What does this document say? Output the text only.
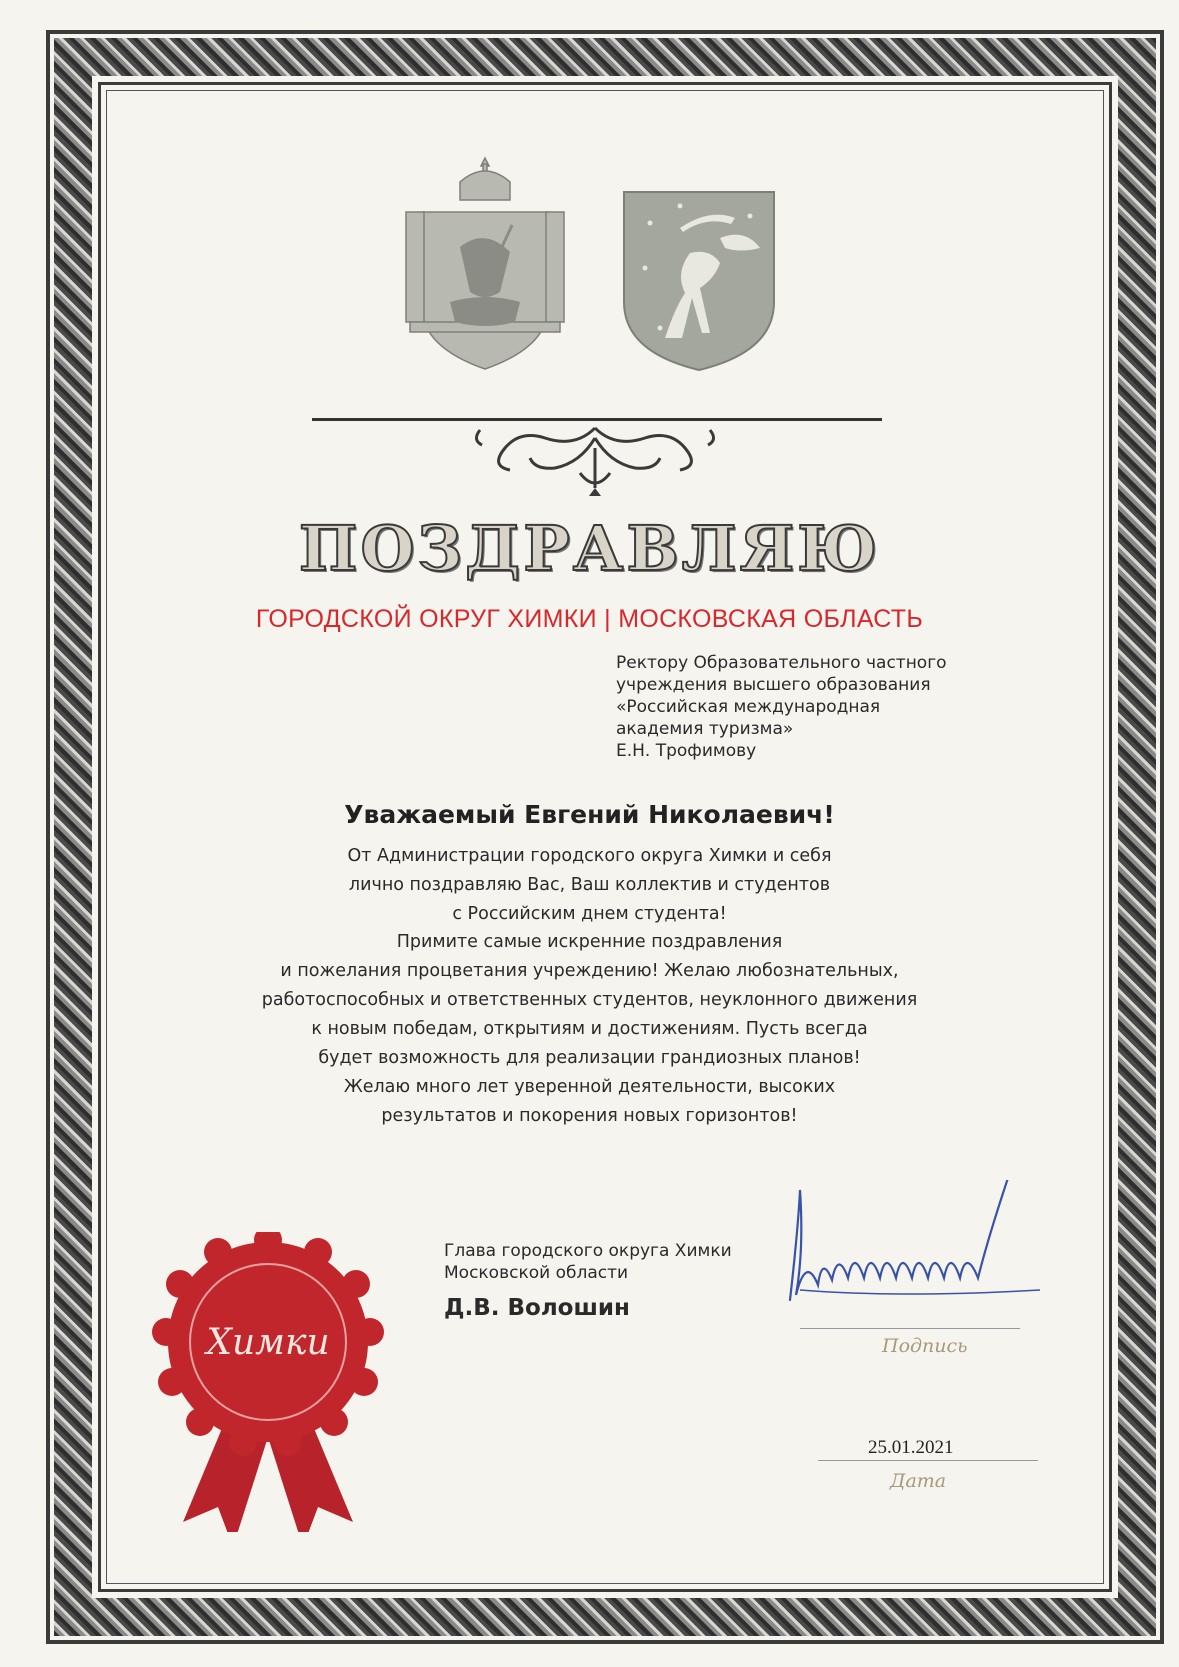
ПОЗДРАВЛЯЮ
ГОРОДСКОЙ ОКРУГ ХИМКИ | МОСКОВСКАЯ ОБЛАСТЬ
Ректору Образовательного частного
учреждения высшего образования
«Российская международная
академия туризма»
Е.Н. Трофимову
Уважаемый Евгений Николаевич!
От Администрации городского округа Химки и себя
лично поздравляю Вас, Ваш коллектив и студентов
с Российским днем студента!
Примите самые искренние поздравления
и пожелания процветания учреждению! Желаю любознательных,
работоспособных и ответственных студентов, неуклонного движения
к новым победам, открытиям и достижениям. Пусть всегда
будет возможность для реализации грандиозных планов!
Желаю много лет уверенной деятельности, высоких
результатов и покорения новых горизонтов!
Глава городского округа Химки
Московской области
Д.В. Волошин
Подпись
25.01.2021
Дата
Химки
